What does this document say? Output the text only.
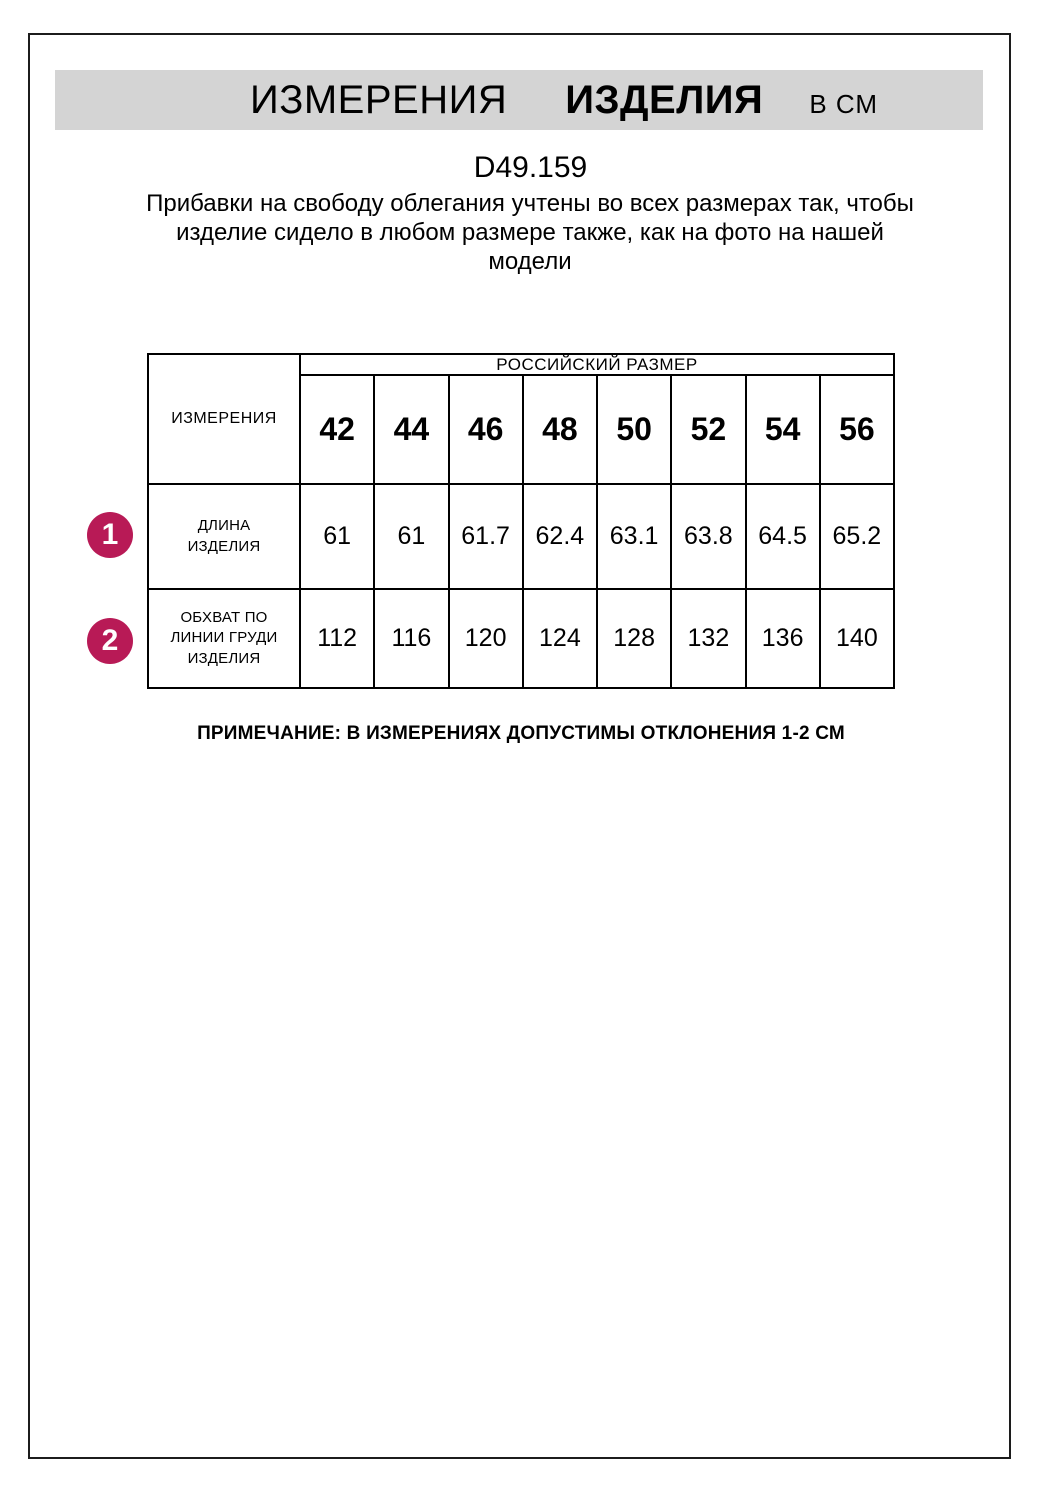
ИЗМЕРЕНИЯ ИЗДЕЛИЯ В СМ
D49.159
Прибавки на свободу облегания учтены во всех размерах так, чтобы изделие сидело в любом размере также, как на фото на нашей модели
ИЗМЕРЕНИЯ	РОССИЙСКИЙ РАЗМЕР							
	42	44	46	48	50	52	54	56
ДЛИНА ИЗДЕЛИЯ	61	61	61.7	62.4	63.1	63.8	64.5	65.2
ОБХВАТ ПО ЛИНИИ ГРУДИ ИЗДЕЛИЯ	112	116	120	124	128	132	136	140
1
2
ПРИМЕЧАНИЕ: В ИЗМЕРЕНИЯХ ДОПУСТИМЫ ОТКЛОНЕНИЯ 1-2 СМ
